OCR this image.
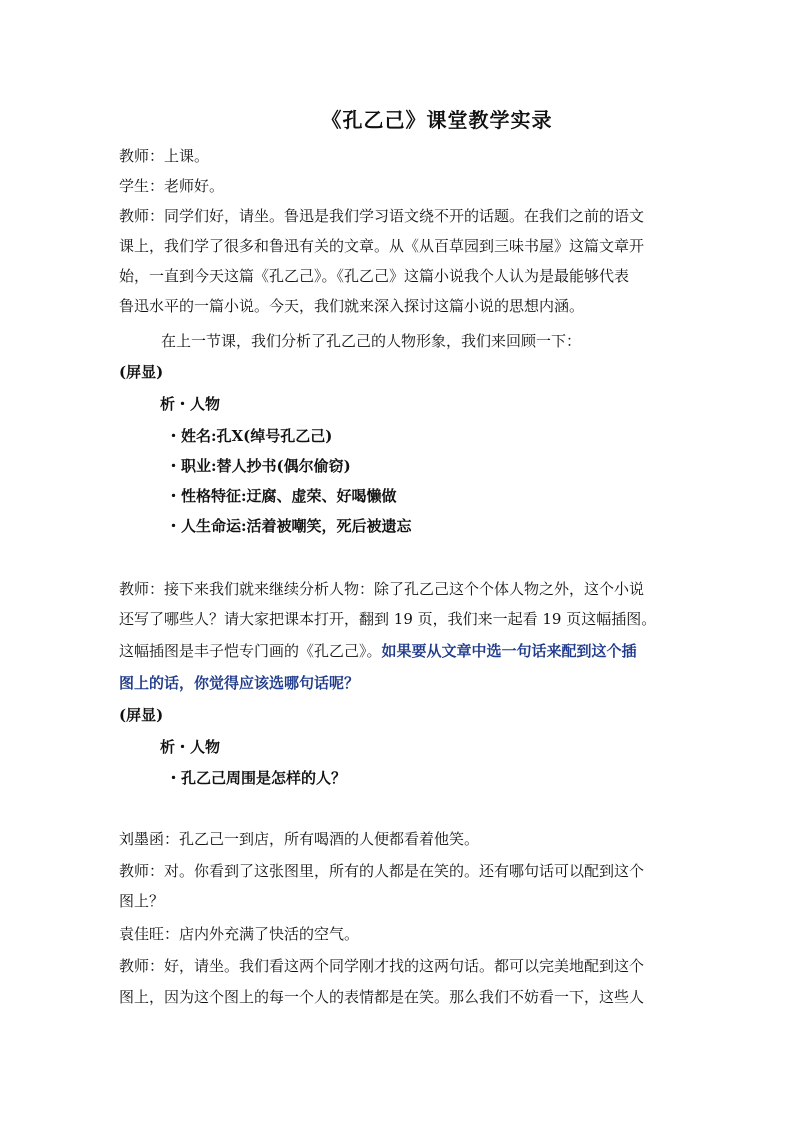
《孔乙己》课堂教学实录
教师：上课。
学生：老师好。
教师：同学们好，请坐。鲁迅是我们学习语文绕不开的话题。在我们之前的语文
课上，我们学了很多和鲁迅有关的文章。从《从百草园到三味书屋》这篇文章开
始，一直到今天这篇《孔乙己》。《孔乙己》这篇小说我个人认为是最能够代表
鲁迅水平的一篇小说。今天，我们就来深入探讨这篇小说的思想内涵。
在上一节课，我们分析了孔乙己的人物形象，我们来回顾一下：
(屏显)
析・人物
・姓名:孔X(绰号孔乙己)
・职业:替人抄书(偶尔偷窃)
・性格特征:迂腐、虚荣、好喝懒做
・人生命运:活着被嘲笑，死后被遗忘
教师：接下来我们就来继续分析人物：除了孔乙己这个个体人物之外，这个小说
还写了哪些人？请大家把课本打开，翻到 19 页，我们来一起看 19 页这幅插图。
这幅插图是丰子恺专门画的《孔乙己》。如果要从文章中选一句话来配到这个插
图上的话，你觉得应该选哪句话呢？
(屏显)
析・人物
・孔乙己周围是怎样的人？
刘墨函：孔乙己一到店，所有喝酒的人便都看着他笑。
教师：对。你看到了这张图里，所有的人都是在笑的。还有哪句话可以配到这个
图上？
袁佳旺：店内外充满了快活的空气。
教师：好，请坐。我们看这两个同学刚才找的这两句话。都可以完美地配到这个
图上，因为这个图上的每一个人的表情都是在笑。那么我们不妨看一下，这些人
